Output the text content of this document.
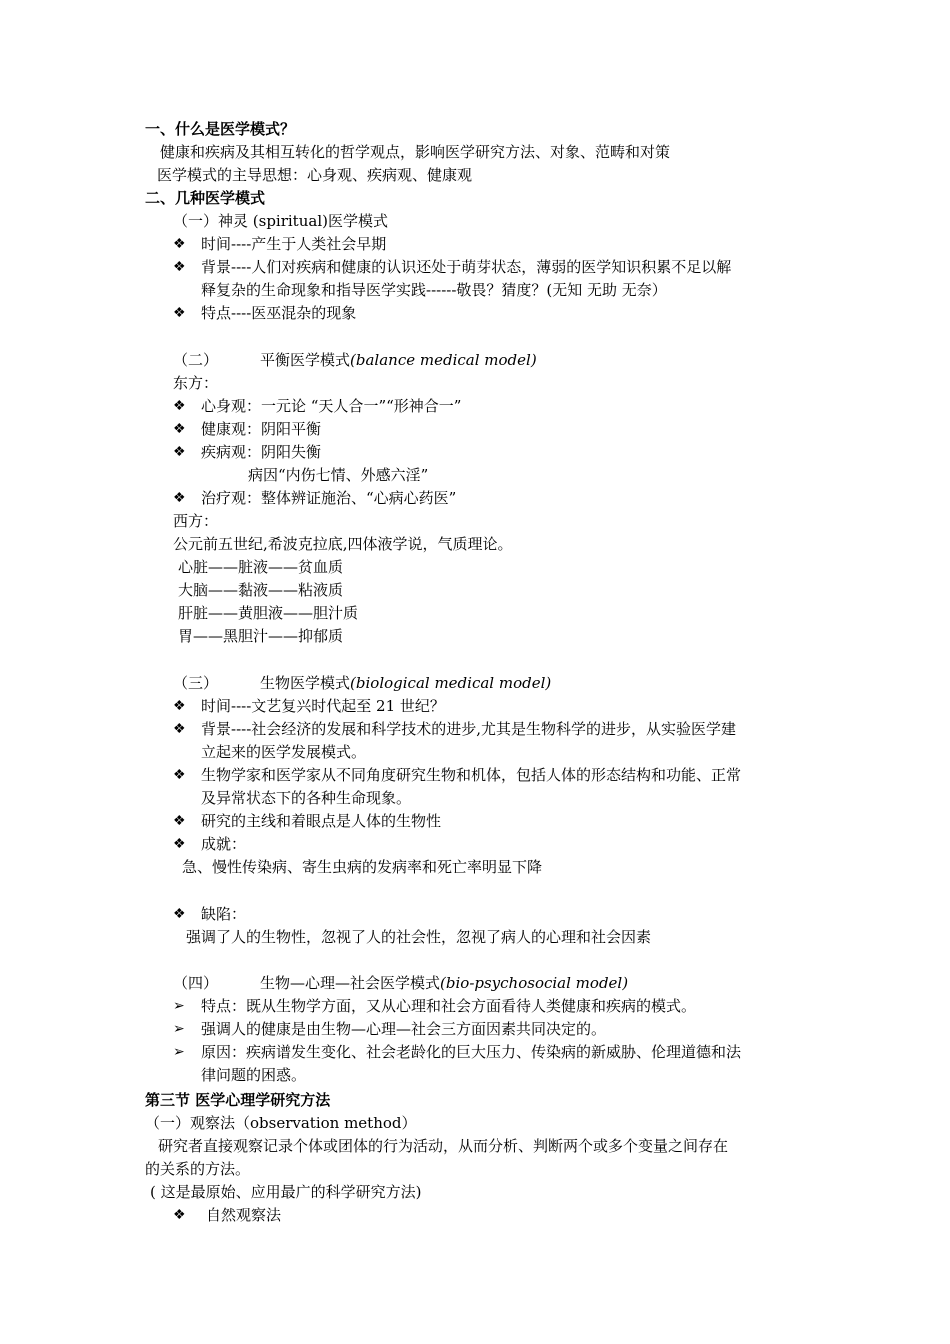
一、什么是医学模式？
健康和疾病及其相互转化的哲学观点，影响医学研究方法、对象、范畴和对策
医学模式的主导思想：心身观、疾病观、健康观
二、几种医学模式
（一）神灵 (spiritual)医学模式
❖ 时间----产生于人类社会早期
❖ 背景----人们对疾病和健康的认识还处于萌芽状态，薄弱的医学知识积累不足以解
释复杂的生命现象和指导医学实践------敬畏？猜度？(无知 无助 无奈）
❖ 特点----医巫混杂的现象
（二）	平衡医学模式(balance medical model)
东方：
❖ 心身观：一元论 “天人合一”“形神合一”
❖ 健康观：阴阳平衡
❖ 疾病观：阴阳失衡
病因“内伤七情、外感六淫”
❖ 治疗观：整体辨证施治、“心病心药医”
西方：
公元前五世纪,希波克拉底,四体液学说，气质理论。
心脏——脏液——贫血质
大脑——黏液——粘液质
肝脏——黄胆液——胆汁质
胃——黑胆汁——抑郁质
（三）	生物医学模式(biological medical model)
❖ 时间----文艺复兴时代起至 21 世纪？
❖ 背景----社会经济的发展和科学技术的进步,尤其是生物科学的进步，从实验医学建
立起来的医学发展模式。
❖ 生物学家和医学家从不同角度研究生物和机体，包括人体的形态结构和功能、正常
及异常状态下的各种生命现象。
❖ 研究的主线和着眼点是人体的生物性
❖ 成就：
急、慢性传染病、寄生虫病的发病率和死亡率明显下降
❖ 缺陷：
强调了人的生物性，忽视了人的社会性，忽视了病人的心理和社会因素
（四）	生物—心理—社会医学模式(bio-psychosocial model)
➢ 特点：既从生物学方面，又从心理和社会方面看待人类健康和疾病的模式。
➢ 强调人的健康是由生物—心理—社会三方面因素共同决定的。
➢ 原因：疾病谱发生变化、社会老龄化的巨大压力、传染病的新威胁、伦理道德和法
律问题的困惑。
第三节 医学心理学研究方法
（一）观察法（observation method）
研究者直接观察记录个体或团体的行为活动，从而分析、判断两个或多个变量之间存在
的关系的方法。
( 这是最原始、应用最广的科学研究方法)
❖ 自然观察法
